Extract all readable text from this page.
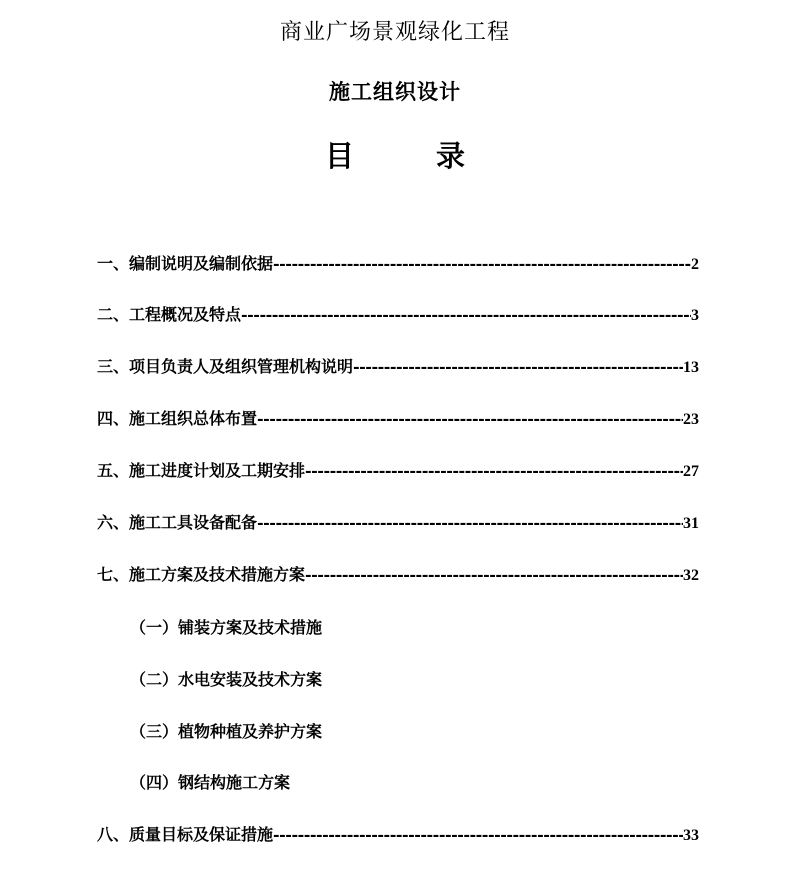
商业广场景观绿化工程
施工组织设计
目	录
一、编制说明及编制依据 -----	2
二、工程概况及特点 -----	3
三、项目负责人及组织管理机构说明 -----	13
四、施工组织总体布置 -----	23
五、施工进度计划及工期安排 -----	27
六、施工工具设备配备 -----	31
七、施工方案及技术措施方案 -----	32
（一）铺装方案及技术措施
（二）水电安装及技术方案
（三）植物种植及养护方案
（四）钢结构施工方案
八、质量目标及保证措施 -----	33
